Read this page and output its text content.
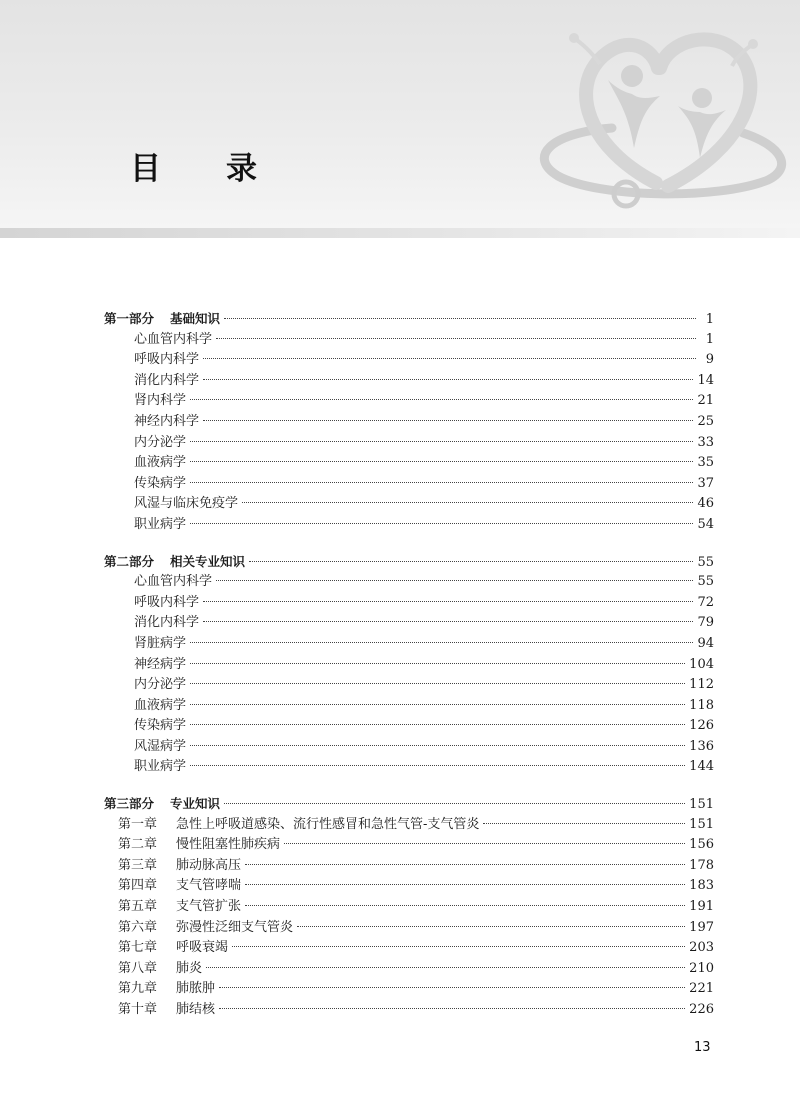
目 录
第一部分 基础知识	1
心血管内科学	1
呼吸内科学	9
消化内科学	14
肾内科学	21
神经内科学	25
内分泌学	33
血液病学	35
传染病学	37
风湿与临床免疫学	46
职业病学	54
第二部分 相关专业知识	55
心血管内科学	55
呼吸内科学	72
消化内科学	79
肾脏病学	94
神经病学	104
内分泌学	112
血液病学	118
传染病学	126
风湿病学	136
职业病学	144
第三部分 专业知识	151
第一章 急性上呼吸道感染、流行性感冒和急性气管-支气管炎	151
第二章 慢性阻塞性肺疾病	156
第三章 肺动脉高压	178
第四章 支气管哮喘	183
第五章 支气管扩张	191
第六章 弥漫性泛细支气管炎	197
第七章 呼吸衰竭	203
第八章 肺炎	210
第九章 肺脓肿	221
第十章 肺结核	226
13
